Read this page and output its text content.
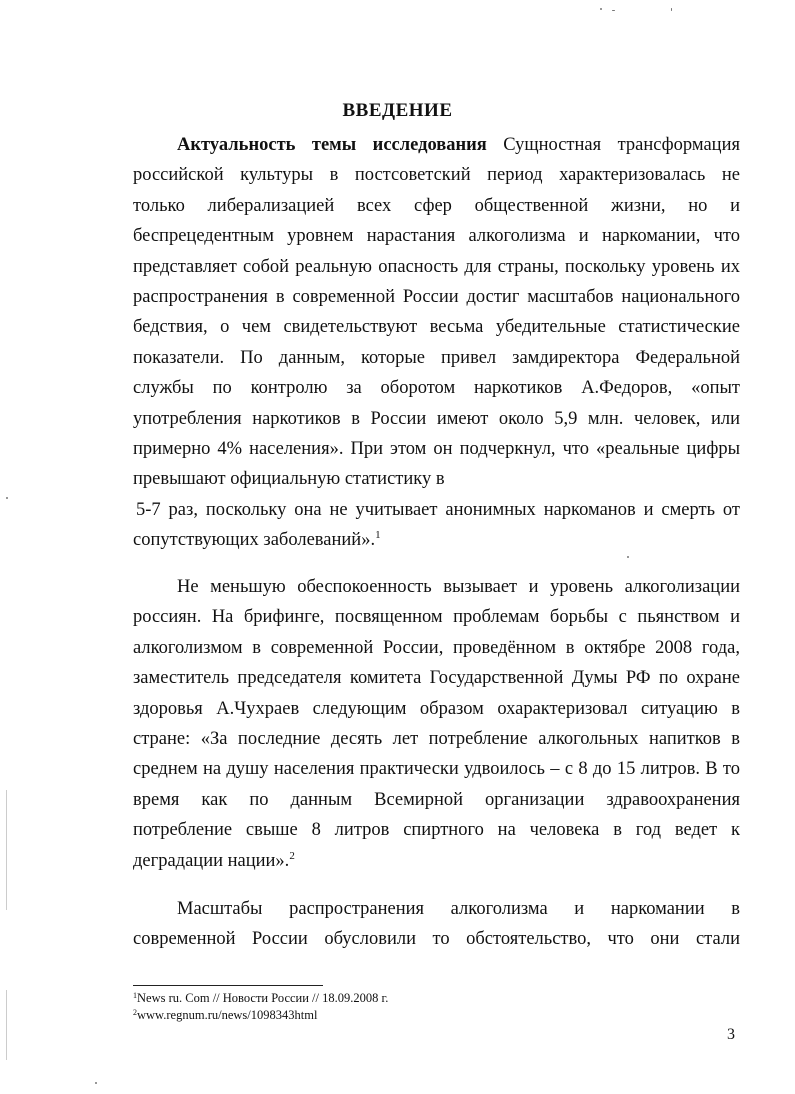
ВВЕДЕНИЕ
Актуальность темы исследования Сущностная трансформация
российской культуры в постсоветский период характеризовалась не
только либерализацией всех сфер общественной жизни, но и
беспрецедентным уровнем нарастания алкоголизма и наркомании, что
представляет собой реальную опасность для страны, поскольку уровень их
распространения в современной России достиг масштабов национального
бедствия, о чем свидетельствуют весьма убедительные статистические
показатели. По данным, которые привел замдиректора Федеральной
службы по контролю за оборотом наркотиков А.Федоров, «опыт
употребления наркотиков в России имеют около 5,9 млн. человек, или
примерно 4% населения». При этом он подчеркнул, что «реальные цифры
превышают официальную статистику в
5-7 раз, поскольку она не учитывает анонимных наркоманов и смерть от
сопутствующих заболеваний».$^1$
Не меньшую обеспокоенность вызывает и уровень алкоголизации
россиян. На брифинге, посвященном проблемам борьбы с пьянством и
алкоголизмом в современной России, проведённом в октябре 2008 года,
заместитель председателя комитета Государственной Думы РФ по охране
здоровья А.Чухраев следующим образом охарактеризовал ситуацию в
стране: «За последние десять лет потребление алкогольных напитков в
среднем на душу населения практически удвоилось – с 8 до 15 литров. В то
время как по данным Всемирной организации здравоохранения
потребление свыше 8 литров спиртного на человека в год ведет к
деградации нации».$^2$
Масштабы распространения алкоголизма и наркомании в
современной России обусловили то обстоятельство, что они стали
$^1$News ru. Com // Новости России // 18.09.2008 г.
$^2$www.regnum.ru/news/1098343html
3
